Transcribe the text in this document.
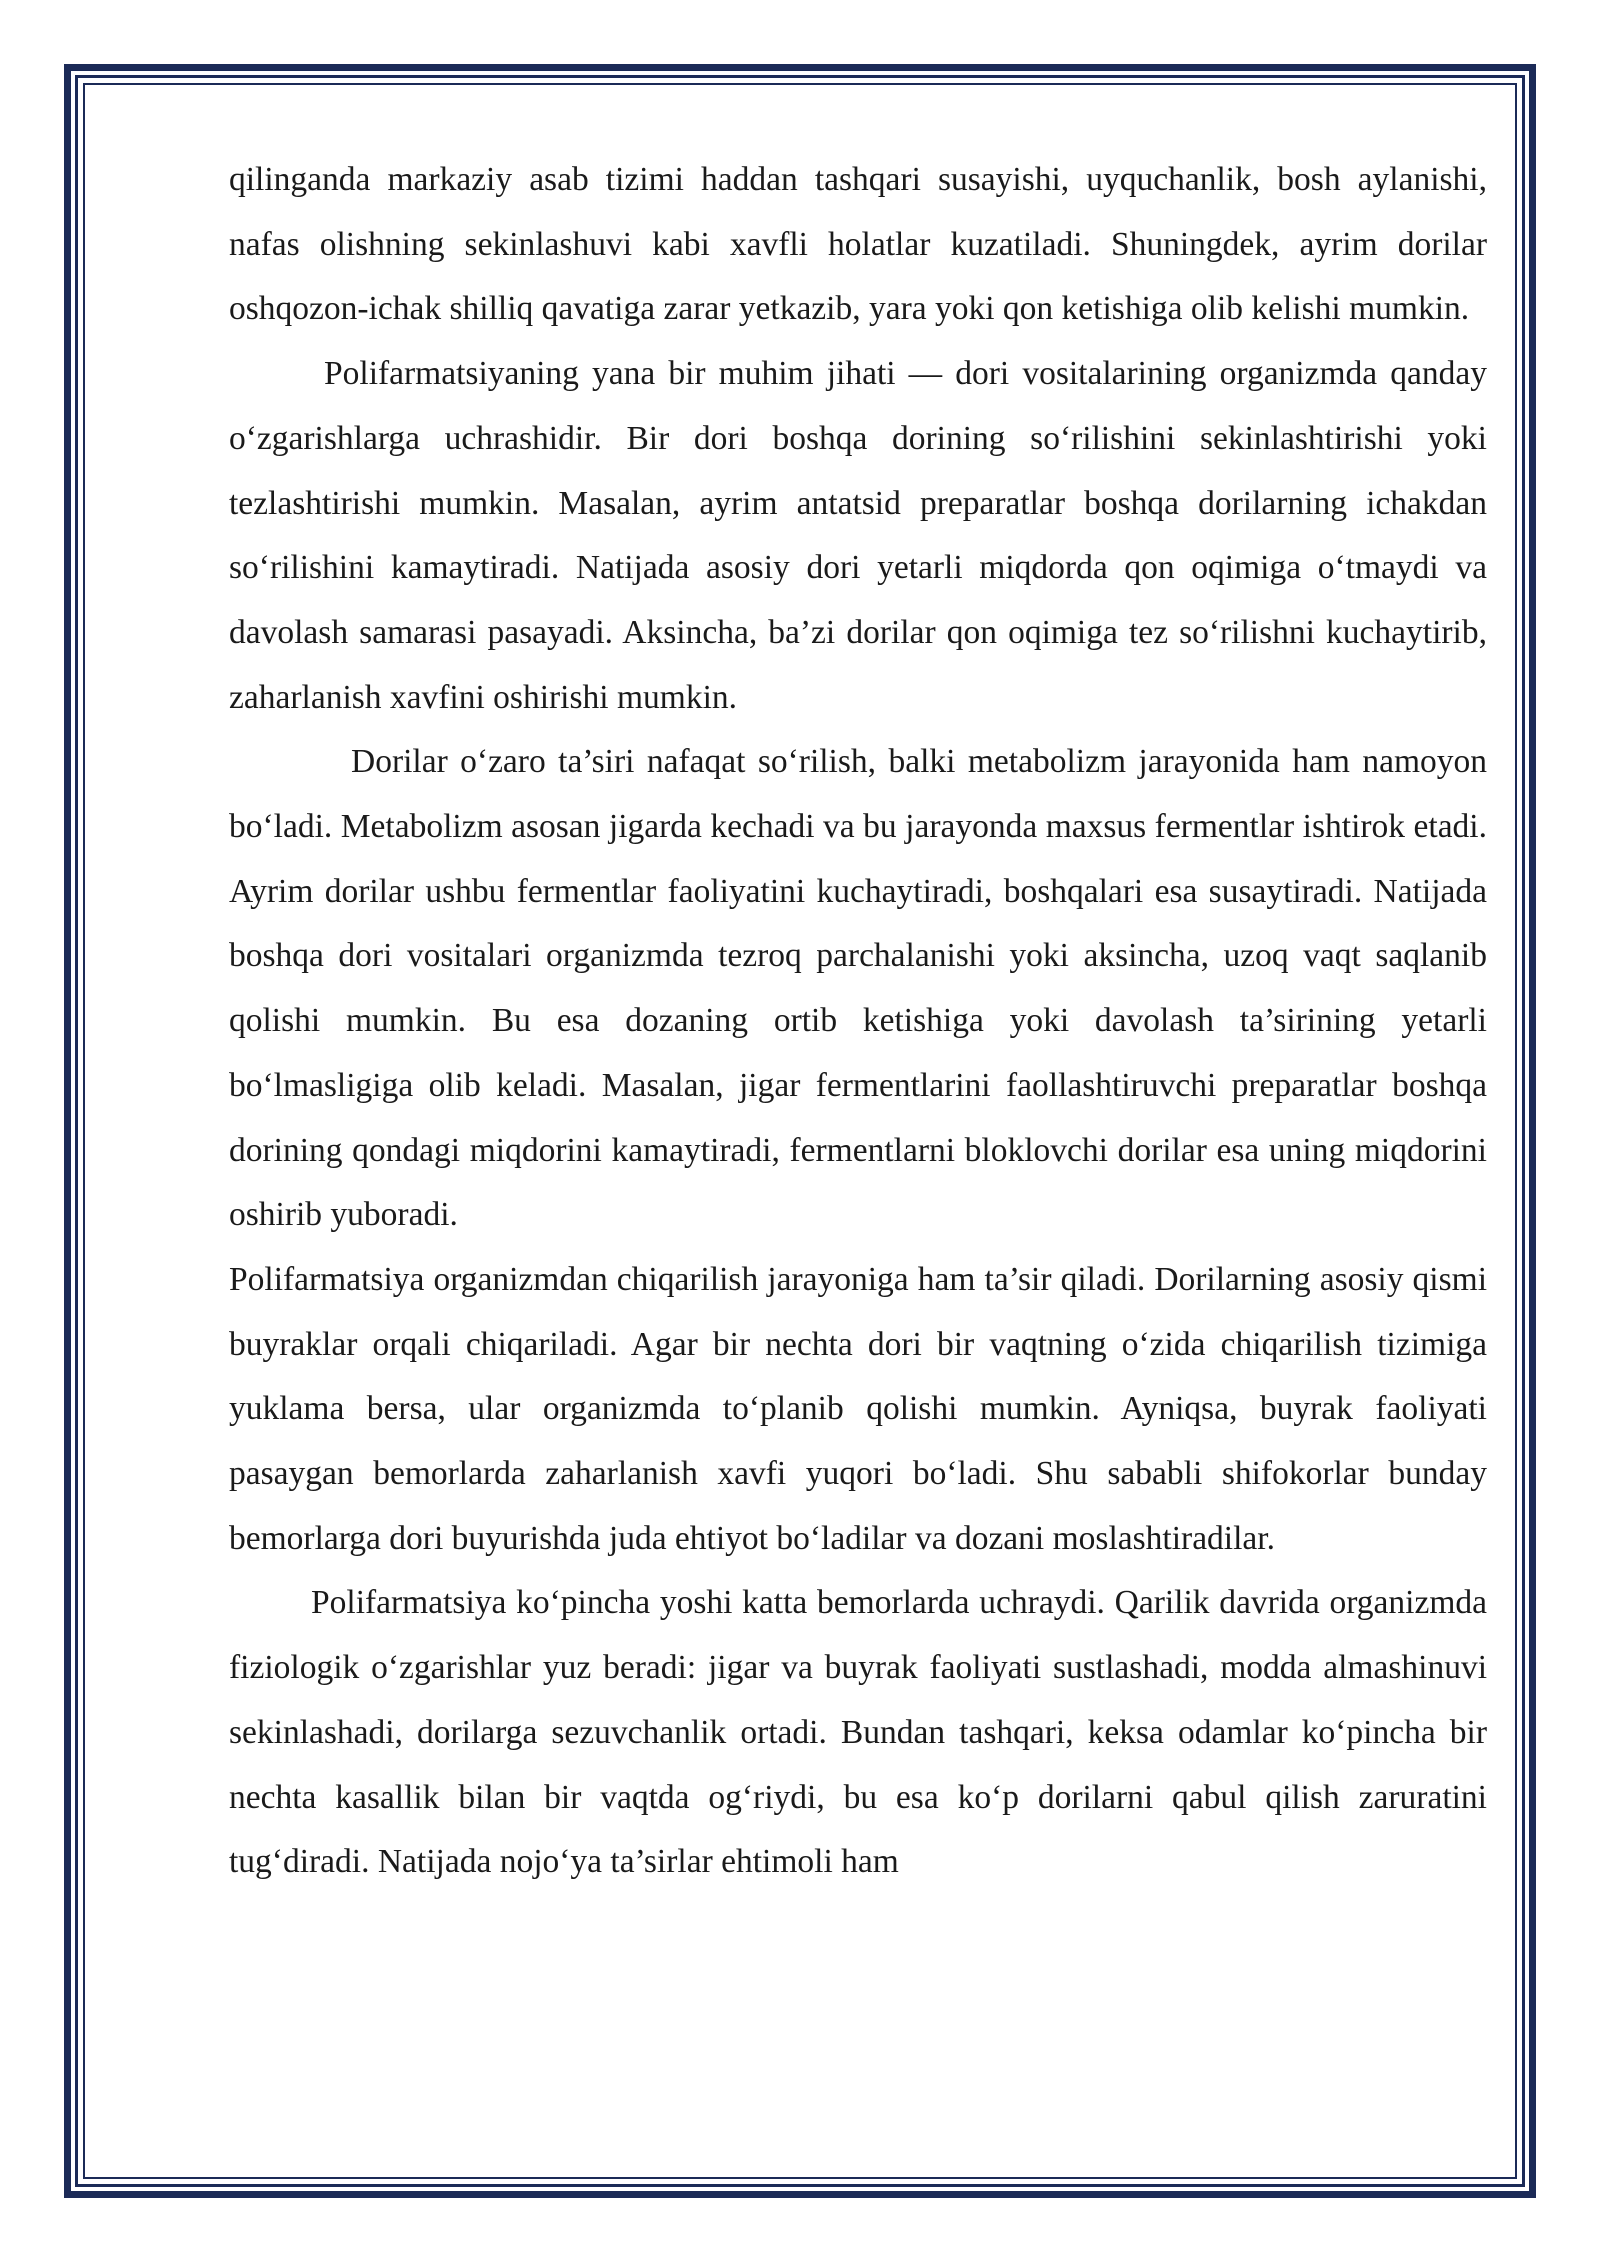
qilinganda markaziy asab tizimi haddan tashqari susayishi, uyquchanlik, bosh aylanishi, nafas olishning sekinlashuvi kabi xavfli holatlar kuzatiladi. Shuningdek, ayrim dorilar oshqozon-ichak shilliq qavatiga zarar yetkazib, yara yoki qon ketishiga olib kelishi mumkin.

Polifarmatsiyaning yana bir muhim jihati — dori vositalarining organizmda qanday o‘zgarishlarga uchrashidir. Bir dori boshqa dorining so‘rilishini sekinlashtirishi yoki tezlashtirishi mumkin. Masalan, ayrim antatsid preparatlar boshqa dorilarning ichakdan so‘rilishini kamaytiradi. Natijada asosiy dori yetarli miqdorda qon oqimiga o‘tmaydi va davolash samarasi pasayadi. Aksincha, ba’zi dorilar qon oqimiga tez so‘rilishni kuchaytirib, zaharlanish xavfini oshirishi mumkin.

Dorilar o‘zaro ta’siri nafaqat so‘rilish, balki metabolizm jarayonida ham namoyon bo‘ladi. Metabolizm asosan jigarda kechadi va bu jarayonda maxsus fermentlar ishtirok etadi. Ayrim dorilar ushbu fermentlar faoliyatini kuchaytiradi, boshqalari esa susaytiradi. Natijada boshqa dori vositalari organizmda tezroq parchalanishi yoki aksincha, uzoq vaqt saqlanib qolishi mumkin. Bu esa dozaning ortib ketishiga yoki davolash ta’sirining yetarli bo‘lmasligiga olib keladi. Masalan, jigar fermentlarini faollashtiruvchi preparatlar boshqa dorining qondagi miqdorini kamaytiradi, fermentlarni bloklovchi dorilar esa uning miqdorini oshirib yuboradi.

Polifarmatsiya organizmdan chiqarilish jarayoniga ham ta’sir qiladi. Dorilarning asosiy qismi buyraklar orqali chiqariladi. Agar bir nechta dori bir vaqtning o‘zida chiqarilish tizimiga yuklama bersa, ular organizmda to‘planib qolishi mumkin. Ayniqsa, buyrak faoliyati pasaygan bemorlarda zaharlanish xavfi yuqori bo‘ladi. Shu sababli shifokorlar bunday bemorlarga dori buyurishda juda ehtiyot bo‘ladilar va dozani moslashtiradilar.

Polifarmatsiya ko‘pincha yoshi katta bemorlarda uchraydi. Qarilik davrida organizmda fiziologik o‘zgarishlar yuz beradi: jigar va buyrak faoliyati sustlashadi, modda almashinuvi sekinlashadi, dorilarga sezuvchanlik ortadi. Bundan tashqari, keksa odamlar ko‘pincha bir nechta kasallik bilan bir vaqtda og‘riydi, bu esa ko‘p dorilarni qabul qilish zaruratini tug‘diradi. Natijada nojo‘ya ta’sirlar ehtimoli ham
